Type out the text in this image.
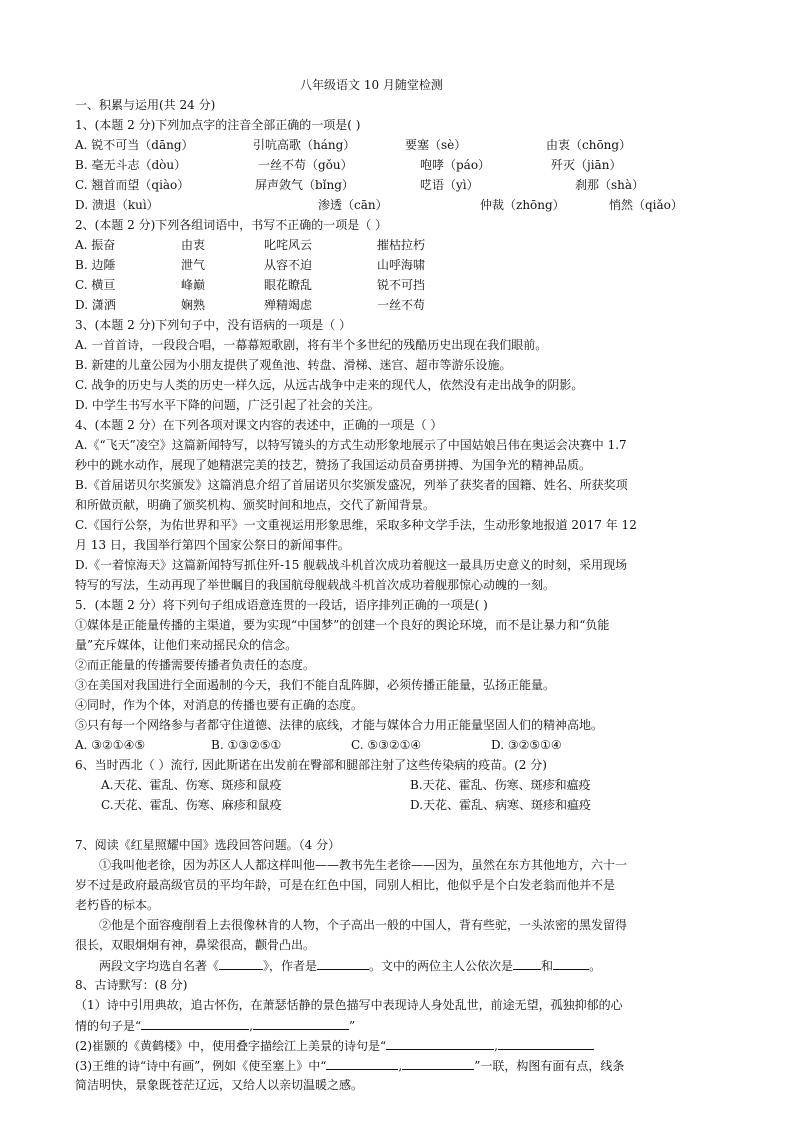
八年级语文 10 月随堂检测
一、积累与运用(共 24 分)
1、(本题 2 分)下列加点字的注音全部正确的一项是( )
A. 锐不可当（dāng）	引吭高歌（háng）	要塞（sè）	由衷（chōng）
B. 毫无斗志（dòu）	一丝不苟（gǒu）	咆哮（páo）	歼灭（jiān）
C. 翘首而望（qiào）	屏声敛气（bǐng）	呓语（yì）	刹那（shà）
D. 溃退（kuì）	渗透（cān）	仲裁（zhōng）	悄然（qiǎo）
2、(本题 2 分)下列各组词语中，书写不正确的一项是（ ）
A. 振奋	由衷	叱咤风云	摧枯拉朽
B. 边陲	泄气	从容不迫	山呼海啸
C. 横亘	峰巅	眼花瞭乱	锐不可挡
D. 潇洒	娴熟	殚精竭虑	一丝不苟
3、(本题 2 分)下列句子中，没有语病的一项是（ ）
A. 一首首诗，一段段合唱，一幕幕短歌剧，将有半个多世纪的残酷历史出现在我们眼前。
B. 新建的儿童公园为小朋友提供了观鱼池、转盘、滑梯、迷宫、超市等游乐设施。
C. 战争的历史与人类的历史一样久远，从远古战争中走来的现代人，依然没有走出战争的阴影。
D. 中学生书写水平下降的问题，广泛引起了社会的关注。
4、(本题 2 分）在下列各项对课文内容的表述中，正确的一项是（ ）
A.《“飞天”凌空》这篇新闻特写，以特写镜头的方式生动形象地展示了中国姑娘吕伟在奥运会决赛中 1.7
秒中的跳水动作，展现了她精湛完美的技艺，赞扬了我国运动员奋勇拼搏、为国争光的精神品质。
B.《首届诺贝尔奖颁发》这篇消息介绍了首届诺贝尔奖颁发盛况，列举了获奖者的国籍、姓名、所获奖项
和所做贡献，明确了颁奖机构、颁奖时间和地点，交代了新闻背景。
C.《国行公祭，为佑世界和平》一文重视运用形象思维，采取多种文学手法，生动形象地报道 2017 年 12
月 13 日，我国举行第四个国家公祭日的新闻事件。
D.《一着惊海天》这篇新闻特写抓住歼-15 舰载战斗机首次成功着舰这一最具历史意义的时刻，采用现场
特写的写法，生动再现了举世瞩目的我国航母舰载战斗机首次成功着舰那惊心动魄的一刻。
5．(本题 2 分）将下列句子组成语意连贯的一段话，语序排列正确的一项是( )
①媒体是正能量传播的主渠道，要为实现“中国梦”的创建一个良好的舆论环境，而不是让暴力和“负能
量”充斥媒体，让他们来动摇民众的信念。
②而正能量的传播需要传播者负责任的态度。
③在美国对我国进行全面遏制的今天，我们不能自乱阵脚，必须传播正能量，弘扬正能量。
④同时，作为个体，对消息的传播也要有正确的态度。
⑤只有每一个网络参与者都守住道德、法律的底线，才能与媒体合力用正能量坚固人们的精神高地。
A. ③②①④⑤	B. ①③②⑤①	C. ⑤③②①④	D. ③②⑤①④
6、当时西北（ ）流行, 因此斯诺在出发前在臀部和腿部注射了这些传染病的疫苗。(2 分)
A.天花、霍乱、伤寒、斑疹和鼠疫	B.天花、霍乱、伤寒、斑疹和瘟疫
C.天花、霍乱、伤寒、麻疹和鼠疫	D.天花、霍乱、病寒、斑疹和瘟疫
7、阅读《红星照耀中国》选段回答问题。（4 分）
①我叫他老徐，因为苏区人人都这样叫他——教书先生老徐——因为，虽然在东方其他地方，六十一
岁不过是政府最高级官员的平均年龄，可是在红色中国，同别人相比，他似乎是个白发老翁而他并不是
老朽昏的标本。
②他是个面容瘦削看上去很像林肯的人物，个子高出一般的中国人，背有些驼，一头浓密的黑发留得
很长，双眼炯炯有神，鼻梁很高，颧骨凸出。
两段文字均选自名著《	》，作者是	。文中的两位主人公依次是 和	。
8、古诗默写：(8 分)
（1）诗中引用典故，追古怀伤，在萧瑟恬静的景色描写中表现诗人身处乱世，前途无望，孤独抑郁的心
情的句子是“	,	”
(2)崔颢的《黄鹤楼》中，使用叠字描绘江上美景的诗句是“	,
(3)王维的诗“诗中有画”，例如《使至塞上》中“	,	”一联，构图有面有点，线条
简洁明快，景象既苍茫辽远，又给人以亲切温暖之感。
